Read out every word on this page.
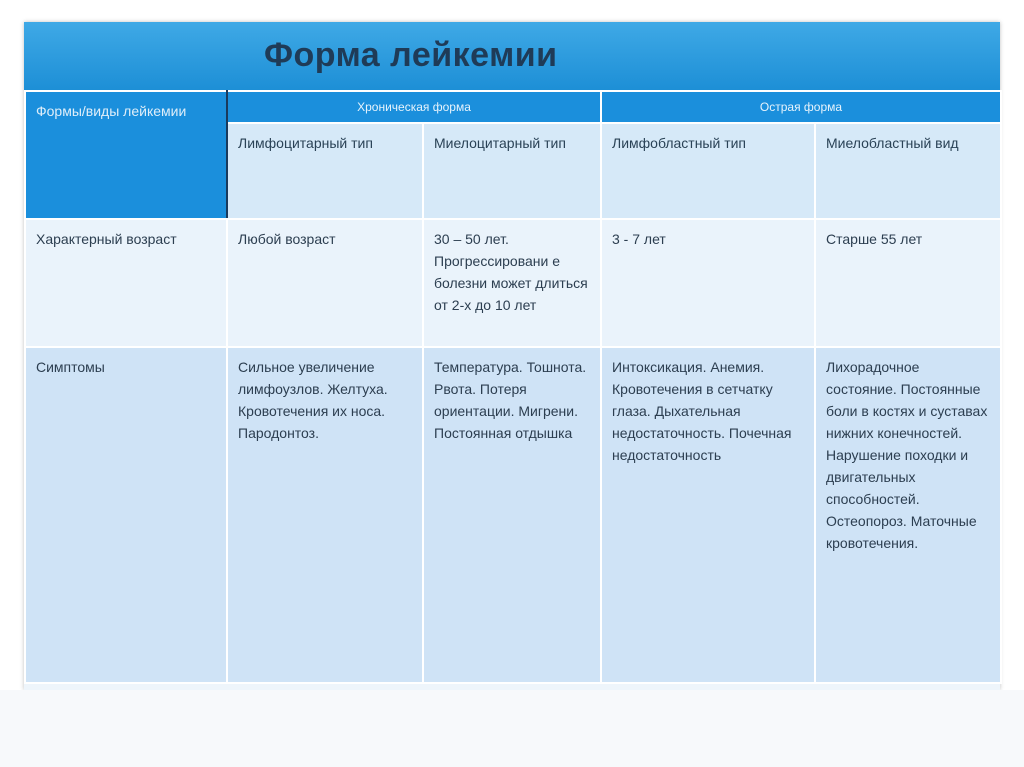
Форма лейкемии
Формы/виды лейкемии	Хроническая форма		Острая форма	
	Лимфоцитарный тип	Миелоцитарный тип	Лимфобластный тип	Миелобластный вид
Характерный возраст	Любой возраст	30 – 50 лет. Прогрессировани е болезни может длиться от 2-х до 10 лет	3 - 7 лет	Старше 55 лет
Симптомы	Сильное увеличение лимфоузлов. Желтуха. Кровотечения их носа. Пародонтоз.	Температура. Тошнота. Рвота. Потеря ориентации. Мигрени. Постоянная отдышка	Интоксикация. Анемия. Кровотечения в сетчатку глаза. Дыхательная недостаточность. Почечная недостаточность	Лихорадочное состояние. Постоянные боли в костях и суставах нижних конечностей. Нарушение походки и двигательных способностей. Остеопороз. Маточные кровотечения.
